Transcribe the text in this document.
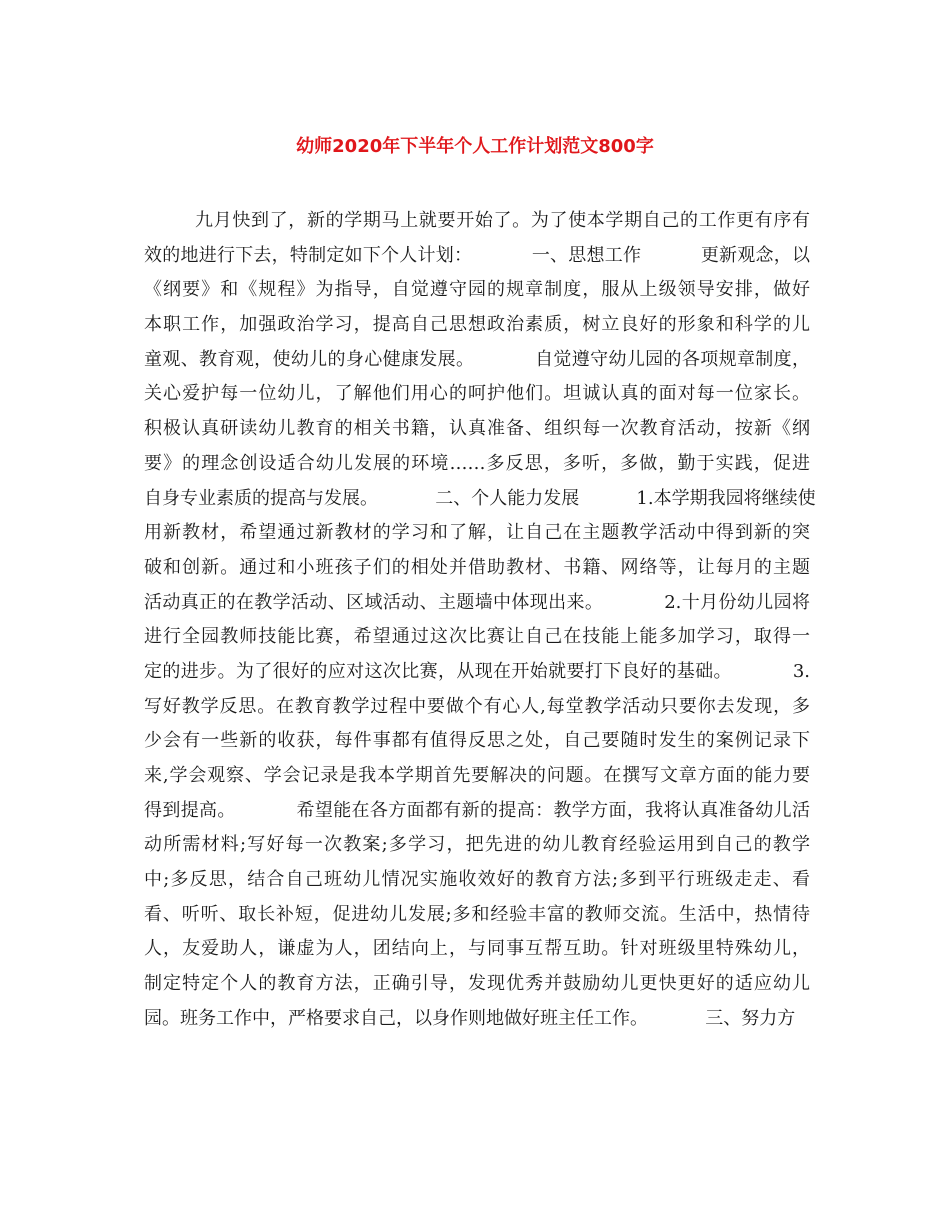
幼师2020年下半年个人工作计划范文800字
九月快到了，新的学期马上就要开始了。为了使本学期自己的工作更有序有
效的地进行下去，特制定如下个人计划：          一、思想工作          更新观念，以
《纲要》和《规程》为指导，自觉遵守园的规章制度，服从上级领导安排，做好
本职工作，加强政治学习，提高自己思想政治素质，树立良好的形象和科学的儿
童观、教育观，使幼儿的身心健康发展。          自觉遵守幼儿园的各项规章制度，
关心爱护每一位幼儿，了解他们用心的呵护他们。坦诚认真的面对每一位家长。
积极认真研读幼儿教育的相关书籍，认真准备、组织每一次教育活动，按新《纲
要》的理念创设适合幼儿发展的环境……多反思，多听，多做，勤于实践，促进
自身专业素质的提高与发展。          二、个人能力发展          1.本学期我园将继续使
用新教材，希望通过新教材的学习和了解，让自己在主题教学活动中得到新的突
破和创新。通过和小班孩子们的相处并借助教材、书籍、网络等，让每月的主题
活动真正的在教学活动、区域活动、主题墙中体现出来。          2.十月份幼儿园将
进行全园教师技能比赛，希望通过这次比赛让自己在技能上能多加学习，取得一
定的进步。为了很好的应对这次比赛，从现在开始就要打下良好的基础。          3.
写好教学反思。在教育教学过程中要做个有心人,每堂教学活动只要你去发现，多
少会有一些新的收获，每件事都有值得反思之处，自己要随时发生的案例记录下
来,学会观察、学会记录是我本学期首先要解决的问题。在撰写文章方面的能力要
得到提高。          希望能在各方面都有新的提高：教学方面，我将认真准备幼儿活
动所需材料;写好每一次教案;多学习，把先进的幼儿教育经验运用到自己的教学
中;多反思，结合自己班幼儿情况实施收效好的教育方法;多到平行班级走走、看
看、听听、取长补短，促进幼儿发展;多和经验丰富的教师交流。生活中，热情待
人，友爱助人，谦虚为人，团结向上，与同事互帮互助。针对班级里特殊幼儿，
制定特定个人的教育方法，正确引导，发现优秀并鼓励幼儿更快更好的适应幼儿
园。班务工作中，严格要求自己，以身作则地做好班主任工作。          三、努力方
